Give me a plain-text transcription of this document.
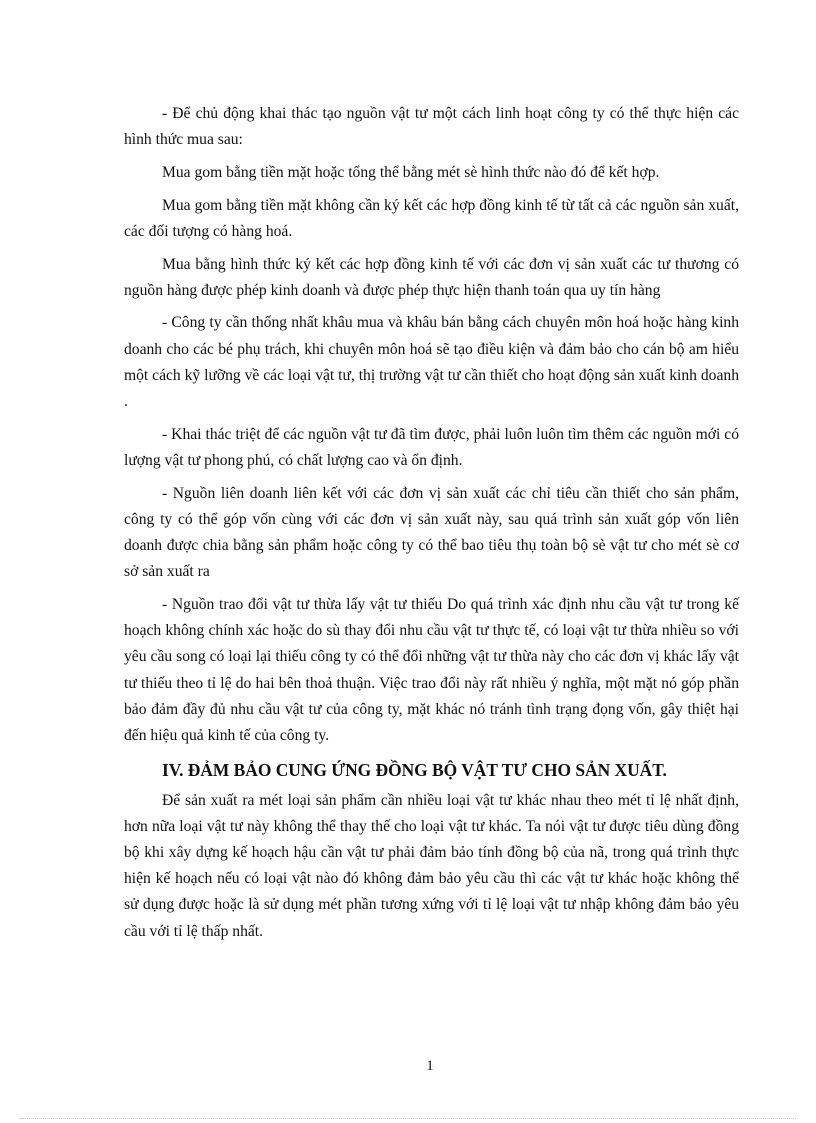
- Để chủ động khai thác tạo nguồn vật tư một cách linh hoạt công ty có thể thực hiện các hình thức mua sau:

Mua gom bằng tiền mặt hoặc tổng thể bằng mét sè hình thức nào đó để kết hợp.

Mua gom bằng tiền mặt không cần ký kết các hợp đồng kinh tế từ tất cả các nguồn sản xuất, các đối tượng có hàng hoá.

Mua bằng hình thức ký kết các hợp đồng kinh tế với các đơn vị sản xuất các tư thương có nguồn hàng được phép kinh doanh và được phép thực hiện thanh toán qua uy tín hàng

- Công ty cần thống nhất khâu mua và khâu bán bằng cách chuyên môn hoá hoặc hàng kinh doanh cho các bé phụ trách, khi chuyên môn hoá sẽ tạo điều kiện và đảm bảo cho cán bộ am hiểu một cách kỹ lưỡng về các loại vật tư, thị trường vật tư cần thiết cho hoạt động sản xuất kinh doanh .

- Khai thác triệt để các nguồn vật tư đã tìm được, phải luôn luôn tìm thêm các nguồn mới có lượng vật tư phong phú, có chất lượng cao và ổn định.

- Nguồn liên doanh liên kết với các đơn vị sản xuất các chỉ tiêu cần thiết cho sản phẩm, công ty có thể góp vốn cùng với các đơn vị sản xuất này, sau quá trình sản xuất góp vốn liên doanh được chia bằng sản phẩm hoặc công ty có thể bao tiêu thụ toàn bộ sè vật tư cho mét sè cơ sở sản xuất ra

- Nguồn trao đổi vật tư thừa lấy vật tư thiếu Do quá trình xác định nhu cầu vật tư trong kế hoạch không chính xác hoặc do sù thay đổi nhu cầu vật tư thực tế, có loại vật tư thừa nhiều so với yêu cầu song có loại lại thiếu công ty có thể đổi những vật tư thừa này cho các đơn vị khác lấy vật tư thiếu theo tỉ lệ do hai bên thoả thuận. Việc trao đổi này rất nhiều ý nghĩa, một mặt nó góp phần bảo đảm đầy đủ nhu cầu vật tư của công ty, mặt khác nó tránh tình trạng đọng vốn, gây thiệt hại đến hiệu quả kinh tế của công ty.

IV. ĐẢM BẢO CUNG ỨNG ĐỒNG BỘ VẬT TƯ CHO SẢN XUẤT.

Để sản xuất ra mét loại sản phẩm cần nhiều loại vật tư khác nhau theo mét tỉ lệ nhất định, hơn nữa loại vật tư này không thể thay thế cho loại vật tư khác. Ta nói vật tư được tiêu dùng đồng bộ khi xây dựng kế hoạch hậu cần vật tư phải đảm bảo tính đồng bộ của nã, trong quá trình thực hiện kế hoạch nếu có loại vật nào đó không đảm bảo yêu cầu thì các vật tư khác hoặc không thể sử dụng được hoặc là sử dụng mét phần tương xứng với tỉ lệ loại vật tư nhập không đảm bảo yêu cầu với tỉ lệ thấp nhất.

1
